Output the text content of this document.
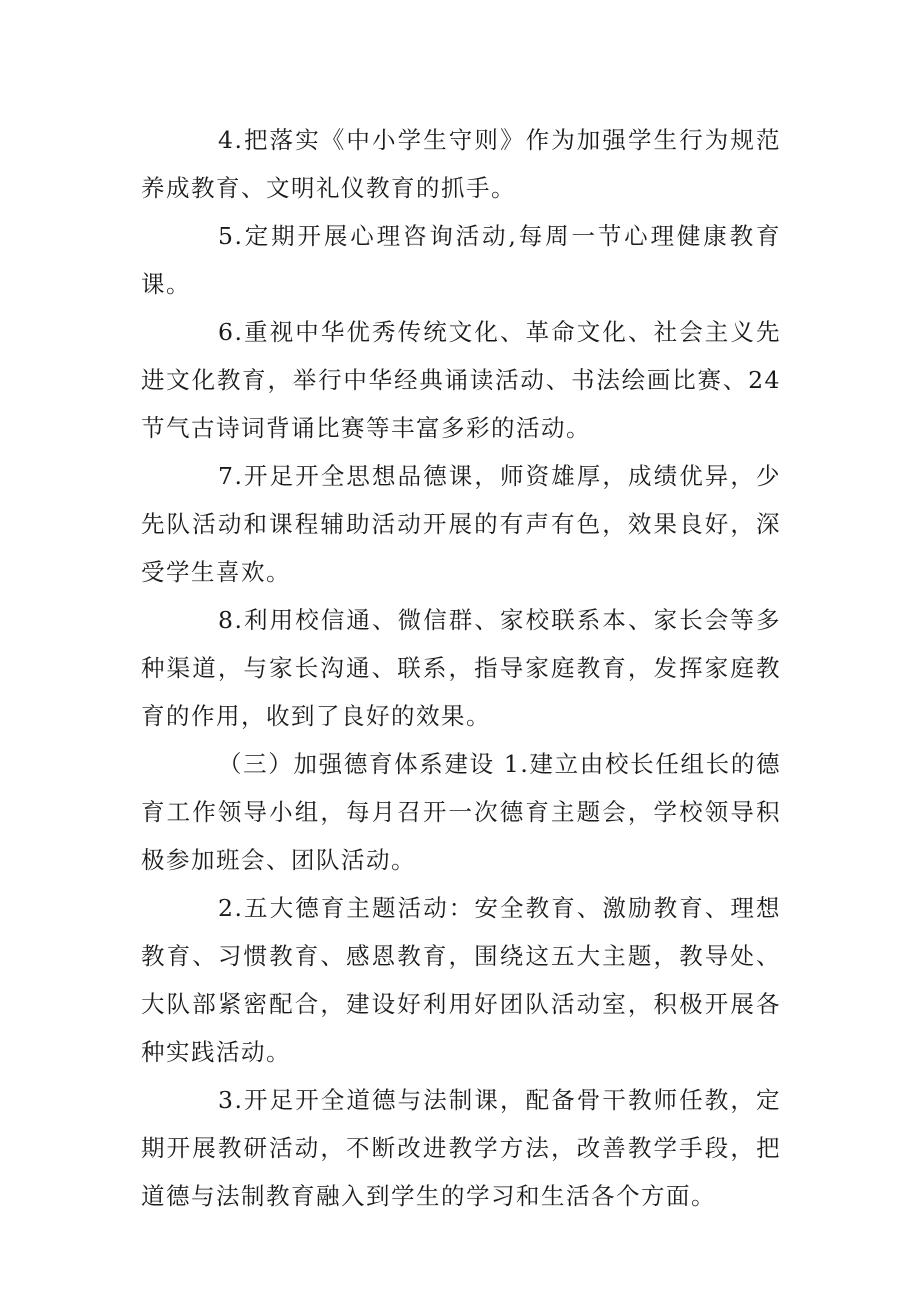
4.把落实《中小学生守则》作为加强学生行为规范养成教育、文明礼仪教育的抓手。

5.定期开展心理咨询活动,每周一节心理健康教育课。

6.重视中华优秀传统文化、革命文化、社会主义先进文化教育，举行中华经典诵读活动、书法绘画比赛、24 节气古诗词背诵比赛等丰富多彩的活动。

7.开足开全思想品德课，师资雄厚，成绩优异，少先队活动和课程辅助活动开展的有声有色，效果良好，深受学生喜欢。

8.利用校信通、微信群、家校联系本、家长会等多种渠道，与家长沟通、联系，指导家庭教育，发挥家庭教育的作用，收到了良好的效果。

（三）加强德育体系建设 1.建立由校长任组长的德育工作领导小组，每月召开一次德育主题会，学校领导积极参加班会、团队活动。

2.五大德育主题活动：安全教育、激励教育、理想教育、习惯教育、感恩教育，围绕这五大主题，教导处、大队部紧密配合，建设好利用好团队活动室，积极开展各种实践活动。

3.开足开全道德与法制课，配备骨干教师任教，定期开展教研活动，不断改进教学方法，改善教学手段，把道德与法制教育融入到学生的学习和生活各个方面。
